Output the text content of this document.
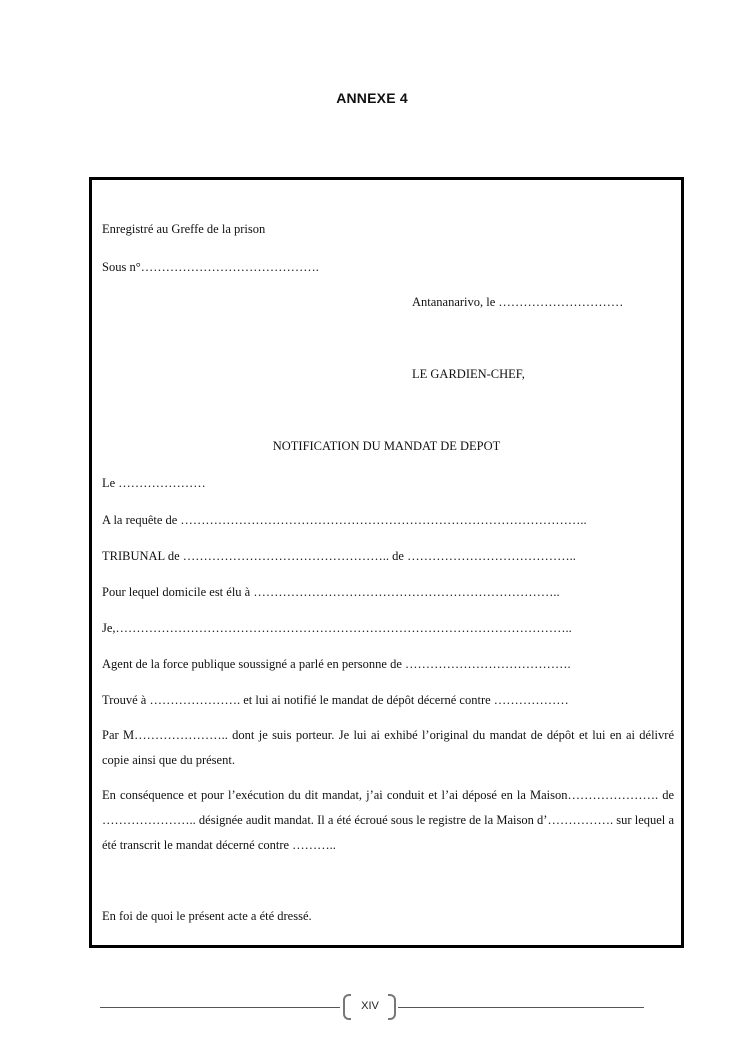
ANNEXE 4
Enregistré au Greffe de la prison
Sous n°…………………………………….
Antananarivo, le …………………………
LE GARDIEN-CHEF,
NOTIFICATION DU MANDAT DE DEPOT
Le …………………
A la requête de ……………………………………………………………………………………..
TRIBUNAL de ………………………………………….. de …………………………………..
Pour lequel domicile est élu à ………………………………………………………………..
Je,………………………………………………………………………………………………..
Agent de la force publique soussigné a parlé en personne de ………………………………….
Trouvé à …………………. et lui ai notifié le mandat de dépôt décerné contre ………………
Par M………………….. dont je suis porteur. Je lui ai exhibé l’original du mandat de dépôt et lui en ai délivré copie ainsi que du présent.
En conséquence et pour l’exécution du dit mandat, j’ai conduit et l’ai déposé en la Maison…………………. de ………………….. désignée audit mandat. Il a été écroué sous le registre de la Maison d’……………. sur lequel a été transcrit le mandat décerné contre ………..
En foi de quoi le présent acte a été dressé.
XIV
